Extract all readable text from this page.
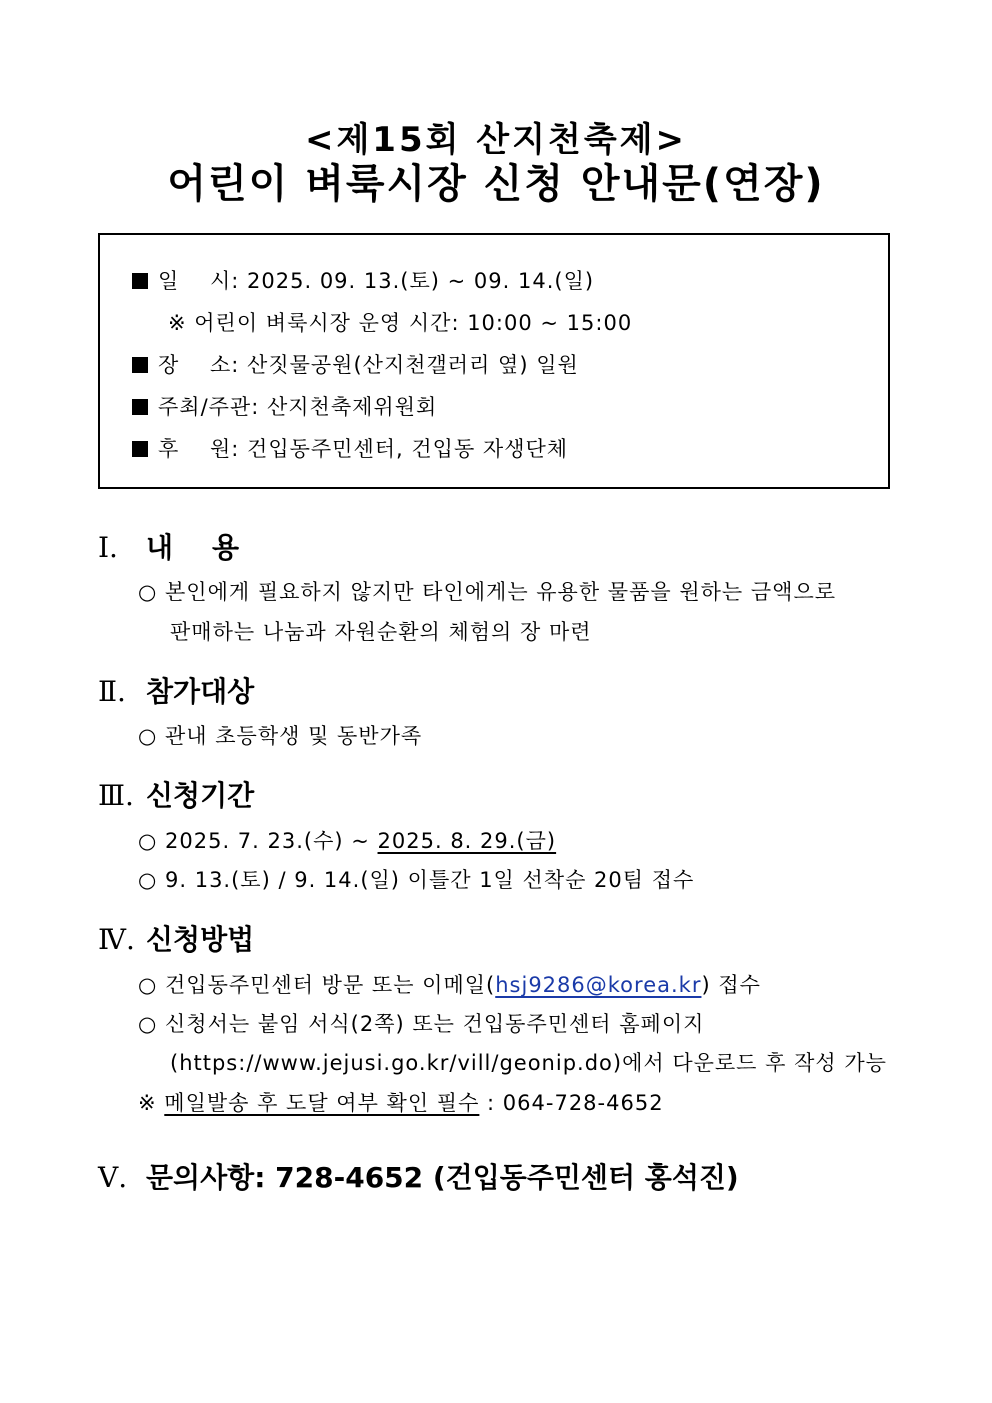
<제15회 산지천축제>
어린이 벼룩시장 신청 안내문(연장)
일    시: 2025. 09. 13.(토) ~ 09. 14.(일)
※ 어린이 벼룩시장 운영 시간: 10:00 ~ 15:00
장    소: 산짓물공원(산지천갤러리 옆) 일원
주최/주관: 산지천축제위원회
후    원: 건입동주민센터, 건입동 자생단체
Ⅰ. 내    용
○ 본인에게 필요하지 않지만 타인에게는 유용한 물품을 원하는 금액으로
판매하는 나눔과 자원순환의 체험의 장 마련
Ⅱ. 참가대상
○ 관내 초등학생 및 동반가족
Ⅲ. 신청기간
○ 2025. 7. 23.(수) ~ 2025. 8. 29.(금)
○ 9. 13.(토) / 9. 14.(일) 이틀간 1일 선착순 20팀 접수
Ⅳ. 신청방법
○ 건입동주민센터 방문 또는 이메일(hsj9286@korea.kr) 접수
○ 신청서는 붙임 서식(2쪽) 또는 건입동주민센터 홈페이지
(https://www.jejusi.go.kr/vill/geonip.do)에서 다운로드 후 작성 가능
※ 메일발송 후 도달 여부 확인 필수 : 064-728-4652
Ⅴ. 문의사항: 728-4652 (건입동주민센터 홍석진)
